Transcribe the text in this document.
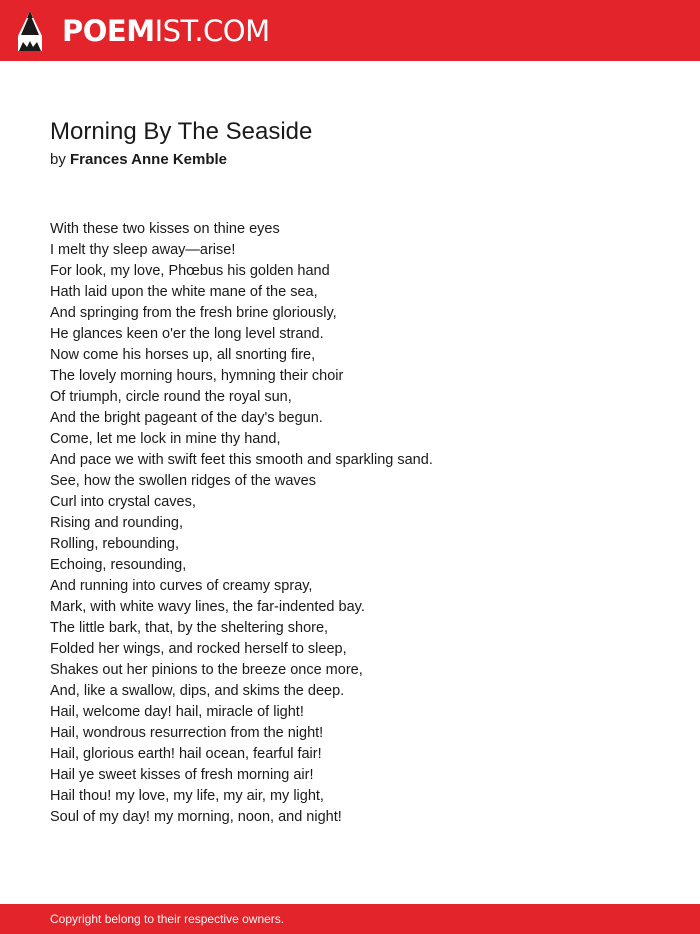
POEMIST.COM
Morning By The Seaside
by Frances Anne Kemble
With these two kisses on thine eyes
I melt thy sleep away—arise!
For look, my love, Phœbus his golden hand
Hath laid upon the white mane of the sea,
And springing from the fresh brine gloriously,
He glances keen o'er the long level strand.
Now come his horses up, all snorting fire,
The lovely morning hours, hymning their choir
Of triumph, circle round the royal sun,
And the bright pageant of the day's begun.
Come, let me lock in mine thy hand,
And pace we with swift feet this smooth and sparkling sand.
See, how the swollen ridges of the waves
Curl into crystal caves,
Rising and rounding,
Rolling, rebounding,
Echoing, resounding,
And running into curves of creamy spray,
Mark, with white wavy lines, the far-indented bay.
The little bark, that, by the sheltering shore,
Folded her wings, and rocked herself to sleep,
Shakes out her pinions to the breeze once more,
And, like a swallow, dips, and skims the deep.
Hail, welcome day! hail, miracle of light!
Hail, wondrous resurrection from the night!
Hail, glorious earth! hail ocean, fearful fair!
Hail ye sweet kisses of fresh morning air!
Hail thou! my love, my life, my air, my light,
Soul of my day! my morning, noon, and night!
Copyright belong to their respective owners.
